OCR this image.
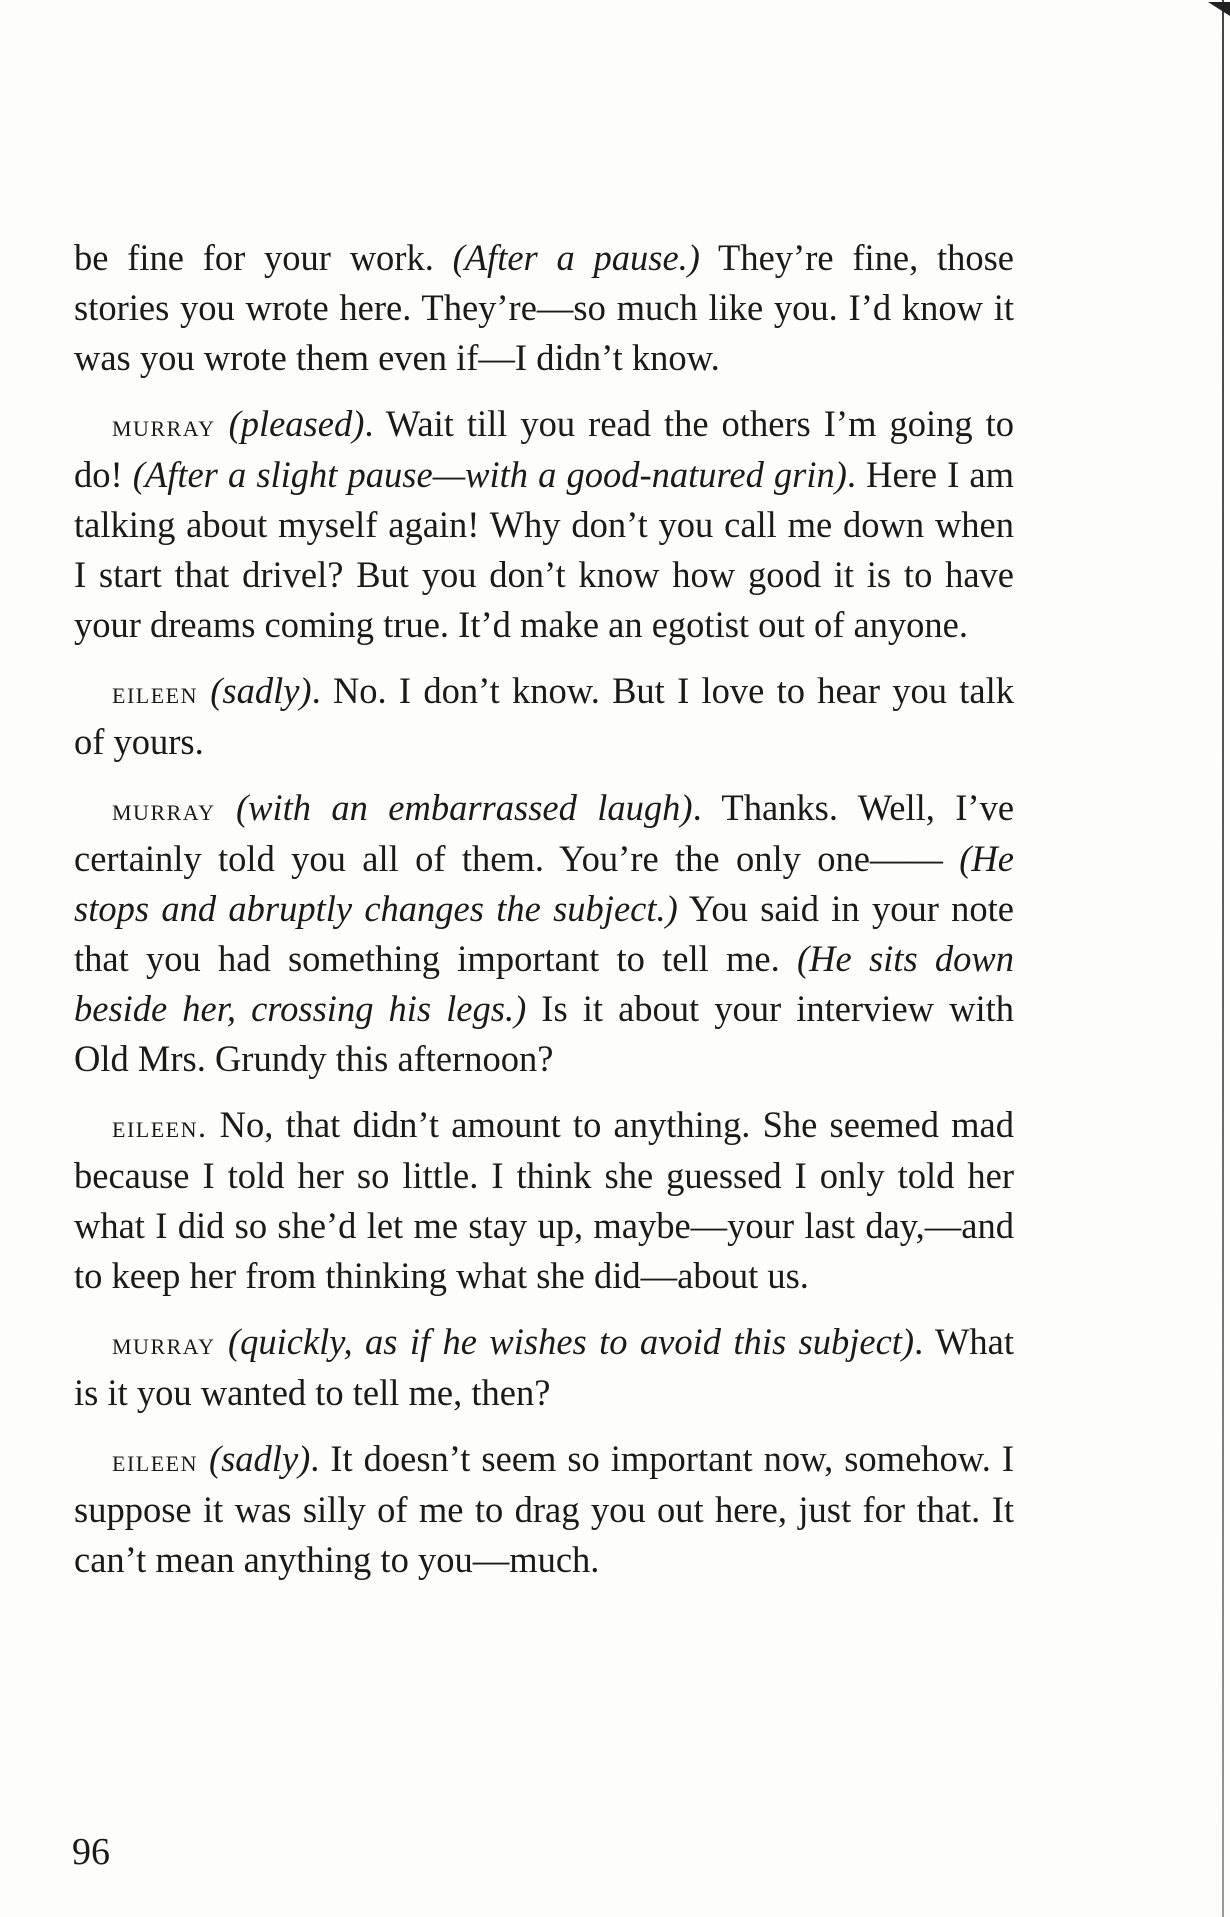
be fine for your work. (After a pause.) They’re fine, those stories you wrote here. They’re—so much like you. I’d know it was you wrote them even if—I didn’t know.

murray (pleased). Wait till you read the others I’m going to do! (After a slight pause—with a good-natured grin). Here I am talking about myself again! Why don’t you call me down when I start that drivel? But you don’t know how good it is to have your dreams coming true. It’d make an egotist out of anyone.

eileen (sadly). No. I don’t know. But I love to hear you talk of yours.

murray (with an embarrassed laugh). Thanks. Well, I’ve certainly told you all of them. You’re the only one—— (He stops and abruptly changes the subject.) You said in your note that you had something important to tell me. (He sits down beside her, crossing his legs.) Is it about your interview with Old Mrs. Grundy this afternoon?

eileen. No, that didn’t amount to anything. She seemed mad because I told her so little. I think she guessed I only told her what I did so she’d let me stay up, maybe—your last day,—and to keep her from thinking what she did—about us.

murray (quickly, as if he wishes to avoid this subject). What is it you wanted to tell me, then?

eileen (sadly). It doesn’t seem so important now, somehow. I suppose it was silly of me to drag you out here, just for that. It can’t mean anything to you—much.

96
